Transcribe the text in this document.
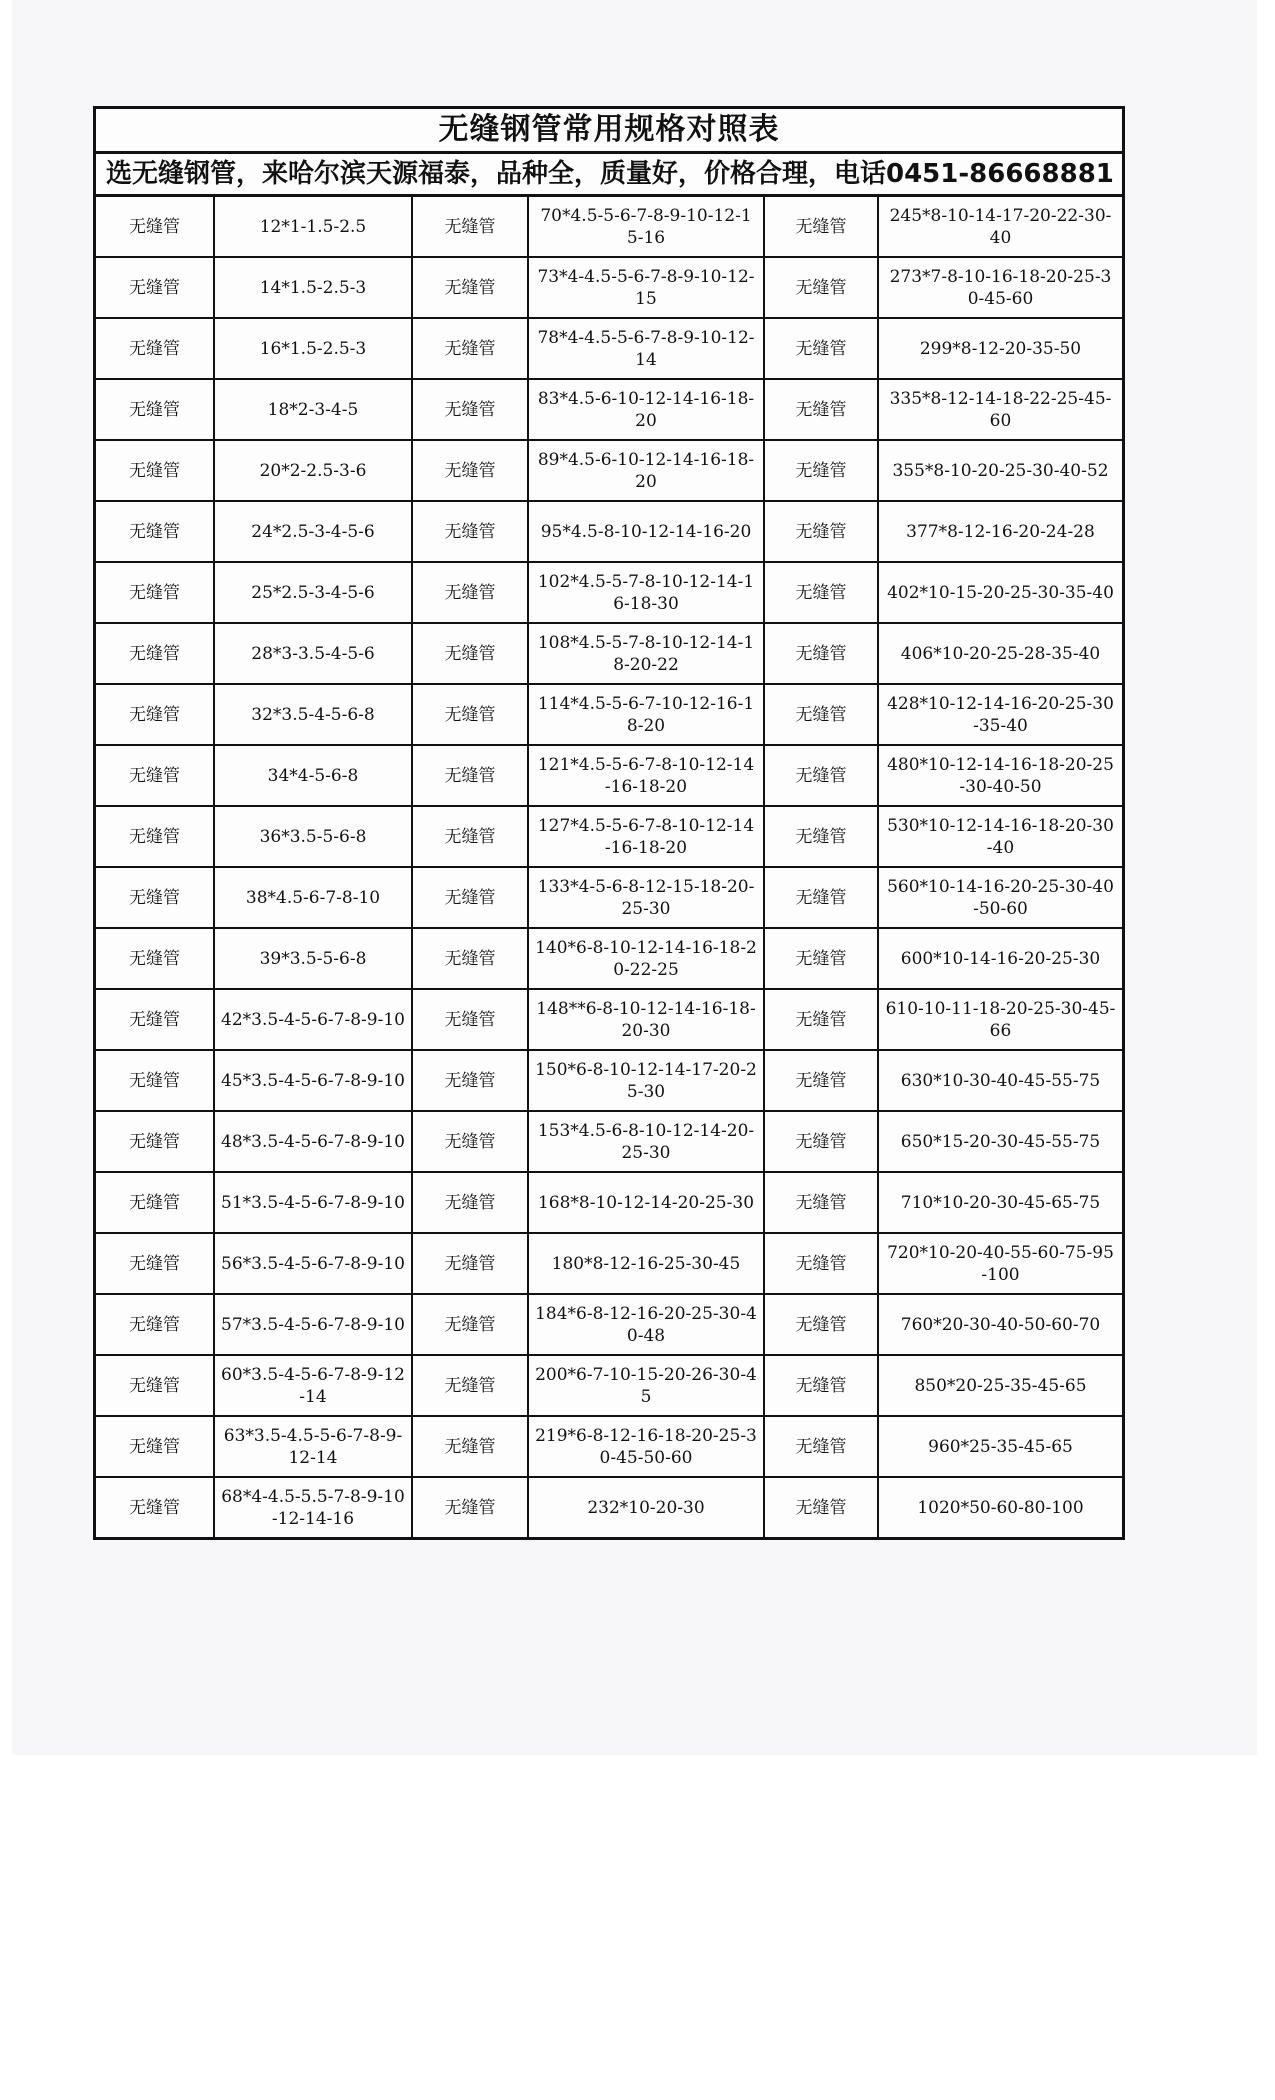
无缝钢管常用规格对照表
选无缝钢管，来哈尔滨天源福泰，品种全，质量好，价格合理，电话0451-86668881
无缝管	12*1-1.5-2.5	无缝管	70*4.5-5-6-7-8-9-10-12-15-16	无缝管	245*8-10-14-17-20-22-30-40
无缝管	14*1.5-2.5-3	无缝管	73*4-4.5-5-6-7-8-9-10-12-15	无缝管	273*7-8-10-16-18-20-25-30-45-60
无缝管	16*1.5-2.5-3	无缝管	78*4-4.5-5-6-7-8-9-10-12-14	无缝管	299*8-12-20-35-50
无缝管	18*2-3-4-5	无缝管	83*4.5-6-10-12-14-16-18-20	无缝管	335*8-12-14-18-22-25-45-60
无缝管	20*2-2.5-3-6	无缝管	89*4.5-6-10-12-14-16-18-20	无缝管	355*8-10-20-25-30-40-52
无缝管	24*2.5-3-4-5-6	无缝管	95*4.5-8-10-12-14-16-20	无缝管	377*8-12-16-20-24-28
无缝管	25*2.5-3-4-5-6	无缝管	102*4.5-5-7-8-10-12-14-16-18-30	无缝管	402*10-15-20-25-30-35-40
无缝管	28*3-3.5-4-5-6	无缝管	108*4.5-5-7-8-10-12-14-18-20-22	无缝管	406*10-20-25-28-35-40
无缝管	32*3.5-4-5-6-8	无缝管	114*4.5-5-6-7-10-12-16-18-20	无缝管	428*10-12-14-16-20-25-30-35-40
无缝管	34*4-5-6-8	无缝管	121*4.5-5-6-7-8-10-12-14-16-18-20	无缝管	480*10-12-14-16-18-20-25-30-40-50
无缝管	36*3.5-5-6-8	无缝管	127*4.5-5-6-7-8-10-12-14-16-18-20	无缝管	530*10-12-14-16-18-20-30-40
无缝管	38*4.5-6-7-8-10	无缝管	133*4-5-6-8-12-15-18-20-25-30	无缝管	560*10-14-16-20-25-30-40-50-60
无缝管	39*3.5-5-6-8	无缝管	140*6-8-10-12-14-16-18-20-22-25	无缝管	600*10-14-16-20-25-30
无缝管	42*3.5-4-5-6-7-8-9-10	无缝管	148**6-8-10-12-14-16-18-20-30	无缝管	610-10-11-18-20-25-30-45-66
无缝管	45*3.5-4-5-6-7-8-9-10	无缝管	150*6-8-10-12-14-17-20-25-30	无缝管	630*10-30-40-45-55-75
无缝管	48*3.5-4-5-6-7-8-9-10	无缝管	153*4.5-6-8-10-12-14-20-25-30	无缝管	650*15-20-30-45-55-75
无缝管	51*3.5-4-5-6-7-8-9-10	无缝管	168*8-10-12-14-20-25-30	无缝管	710*10-20-30-45-65-75
无缝管	56*3.5-4-5-6-7-8-9-10	无缝管	180*8-12-16-25-30-45	无缝管	720*10-20-40-55-60-75-95-100
无缝管	57*3.5-4-5-6-7-8-9-10	无缝管	184*6-8-12-16-20-25-30-40-48	无缝管	760*20-30-40-50-60-70
无缝管	60*3.5-4-5-6-7-8-9-12-14	无缝管	200*6-7-10-15-20-26-30-45	无缝管	850*20-25-35-45-65
无缝管	63*3.5-4.5-5-6-7-8-9-12-14	无缝管	219*6-8-12-16-18-20-25-30-45-50-60	无缝管	960*25-35-45-65
无缝管	68*4-4.5-5.5-7-8-9-10-12-14-16	无缝管	232*10-20-30	无缝管	1020*50-60-80-100
